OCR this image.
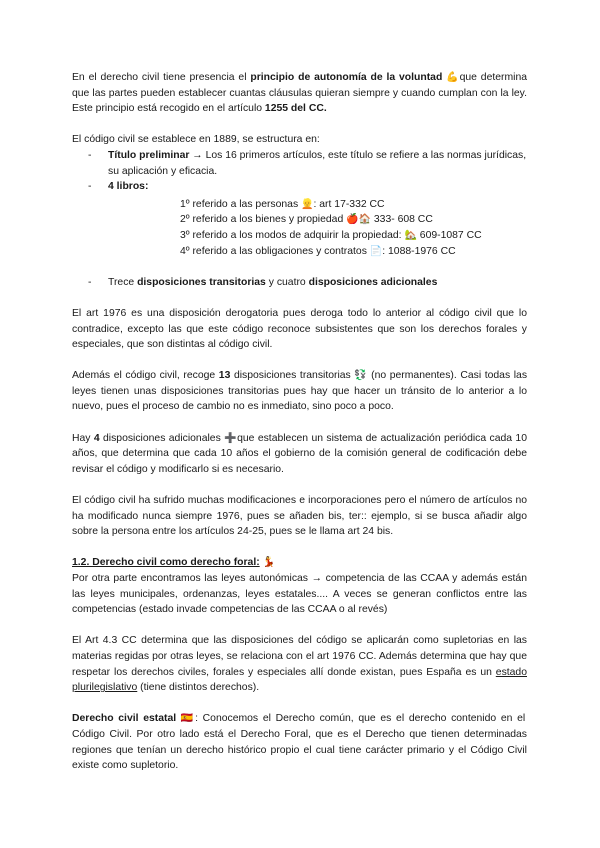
En el derecho civil tiene presencia el principio de autonomía de la voluntad 💪que determina que las partes pueden establecer cuantas cláusulas quieran siempre y cuando cumplan con la ley. Este principio está recogido en el artículo 1255 del CC.

El código civil se establece en 1889, se estructura en:

- Título preliminar → Los 16 primeros artículos, este título se refiere a las normas jurídicas, su aplicación y eficacia.
- 4 libros:
1º referido a las personas 👱: art 17-332 CC
2º referido a los bienes y propiedad 🍎🏠 333- 608 CC
3º referido a los modos de adquirir la propiedad: 🏡 609-1087 CC
4º referido a las obligaciones y contratos 📄: 1088-1976 CC
- Trece disposiciones transitorias y cuatro disposiciones adicionales

El art 1976 es una disposición derogatoria pues deroga todo lo anterior al código civil que lo contradice, excepto las que este código reconoce subsistentes que son los derechos forales y especiales, que son distintas al código civil.

Además el código civil, recoge 13 disposiciones transitorias 💱 (no permanentes). Casi todas las leyes tienen unas disposiciones transitorias pues hay que hacer un tránsito de lo anterior a lo nuevo, pues el proceso de cambio no es inmediato, sino poco a poco.

Hay 4 disposiciones adicionales ➕que establecen un sistema de actualización periódica cada 10 años, que determina que cada 10 años el gobierno de la comisión general de codificación debe revisar el código y modificarlo si es necesario.

El código civil ha sufrido muchas modificaciones e incorporaciones pero el número de artículos no ha modificado nunca siempre 1976, pues se añaden bis, ter:: ejemplo, si se busca añadir algo sobre la persona entre los artículos 24-25, pues se le llama art 24 bis.

1.2. Derecho civil como derecho foral: 💃

Por otra parte encontramos las leyes autonómicas → competencia de las CCAA y además están las leyes municipales, ordenanzas, leyes estatales.... A veces se generan conflictos entre las competencias (estado invade competencias de las CCAA o al revés)

El Art 4.3 CC determina que las disposiciones del código se aplicarán como supletorias en las materias regidas por otras leyes, se relaciona con el art 1976 CC. Además determina que hay que respetar los derechos civiles, forales y especiales allí donde existan, pues España es un estado plurilegislativo (tiene distintos derechos).

Derecho civil estatal 🇪🇸: Conocemos el Derecho común, que es el derecho contenido en el Código Civil. Por otro lado está el Derecho Foral, que es el Derecho que tienen determinadas regiones que tenían un derecho histórico propio el cual tiene carácter primario y el Código Civil existe como supletorio.
